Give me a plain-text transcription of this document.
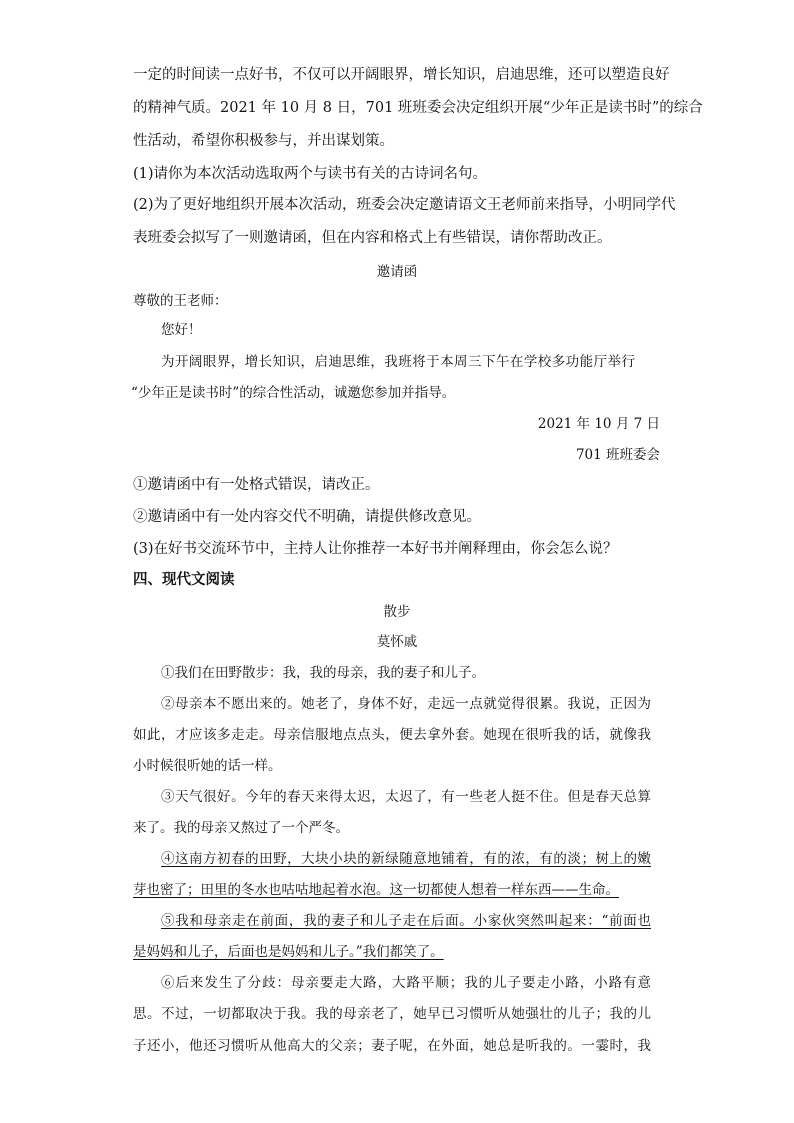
一定的时间读一点好书，不仅可以开阔眼界，增长知识，启迪思维，还可以塑造良好
的精神气质。2021 年 10 月 8 日，701 班班委会决定组织开展“少年正是读书时”的综合
性活动，希望你积极参与，并出谋划策。
(1)请你为本次活动选取两个与读书有关的古诗词名句。
(2)为了更好地组织开展本次活动，班委会决定邀请语文王老师前来指导，小明同学代
表班委会拟写了一则邀请函，但在内容和格式上有些错误，请你帮助改正。
邀请函
尊敬的王老师：
您好！
为开阔眼界，增长知识，启迪思维，我班将于本周三下午在学校多功能厅举行
“少年正是读书时”的综合性活动，诚邀您参加并指导。
2021 年 10 月 7 日
701 班班委会
①邀请函中有一处格式错误，请改正。
②邀请函中有一处内容交代不明确，请提供修改意见。
(3)在好书交流环节中，主持人让你推荐一本好书并阐释理由，你会怎么说？
四、现代文阅读
散步
莫怀戚
①我们在田野散步：我，我的母亲，我的妻子和儿子。
②母亲本不愿出来的。她老了，身体不好，走远一点就觉得很累。我说，正因为
如此，才应该多走走。母亲信服地点点头，便去拿外套。她现在很听我的话，就像我
小时候很听她的话一样。
③天气很好。今年的春天来得太迟，太迟了，有一些老人挺不住。但是春天总算
来了。我的母亲又熬过了一个严冬。
④这南方初春的田野，大块小块的新绿随意地铺着，有的浓，有的淡；树上的嫩
芽也密了；田里的冬水也咕咕地起着水泡。这一切都使人想着一样东西——生命。
⑤我和母亲走在前面，我的妻子和儿子走在后面。小家伙突然叫起来：“前面也
是妈妈和儿子，后面也是妈妈和儿子。”我们都笑了。
⑥后来发生了分歧：母亲要走大路，大路平顺；我的儿子要走小路，小路有意
思。不过，一切都取决于我。我的母亲老了，她早已习惯听从她强壮的儿子；我的儿
子还小，他还习惯听从他高大的父亲；妻子呢，在外面，她总是听我的。一霎时，我
